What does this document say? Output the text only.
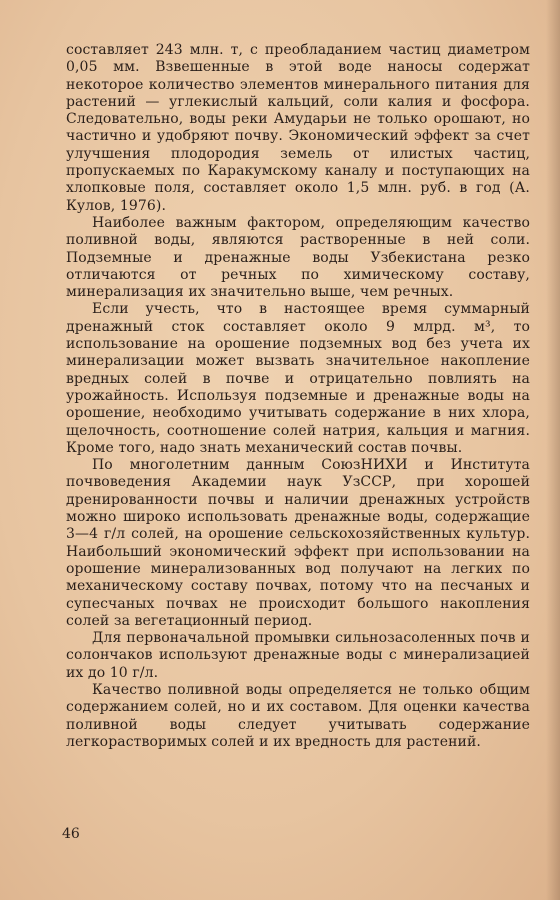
составляет 243 млн. т, с преобладанием частиц диаметром 0,05 мм. Взвешенные в этой воде наносы содержат некоторое количество элементов минерального питания для растений — углекислый кальций, соли калия и фосфора. Следовательно, воды реки Амударьи не только орошают, но частично и удобряют почву. Экономический эффект за счет улучшения плодородия земель от илистых частиц, пропускаемых по Каракумскому каналу и поступающих на хлопковые поля, составляет около 1,5 млн. руб. в год (А. Кулов, 1976).

Наиболее важным фактором, определяющим качество поливной воды, являются растворенные в ней соли. Подземные и дренажные воды Узбекистана резко отличаются от речных по химическому составу, минерализация их значительно выше, чем речных.

Если учесть, что в настоящее время суммарный дренажный сток составляет около 9 млрд. м³, то использование на орошение подземных вод без учета их минерализации может вызвать значительное накопление вредных солей в почве и отрицательно повлиять на урожайность. Используя подземные и дренажные воды на орошение, необходимо учитывать содержание в них хлора, щелочность, соотношение солей натрия, кальция и магния. Кроме того, надо знать механический состав почвы.

По многолетним данным СоюзНИХИ и Института почвоведения Академии наук УзССР, при хорошей дренированности почвы и наличии дренажных устройств можно широко использовать дренажные воды, содержащие 3—4 г/л солей, на орошение сельскохозяйственных культур. Наибольший экономический эффект при использовании на орошение минерализованных вод получают на легких по механическому составу почвах, потому что на песчаных и супесчаных почвах не происходит большого накопления солей за вегетационный период.

Для первоначальной промывки сильнозасоленных почв и солончаков используют дренажные воды с минерализацией их до 10 г/л.

Качество поливной воды определяется не только общим содержанием солей, но и их составом. Для оценки качества поливной воды следует учитывать содержание легкорастворимых солей и их вредность для растений.

46
